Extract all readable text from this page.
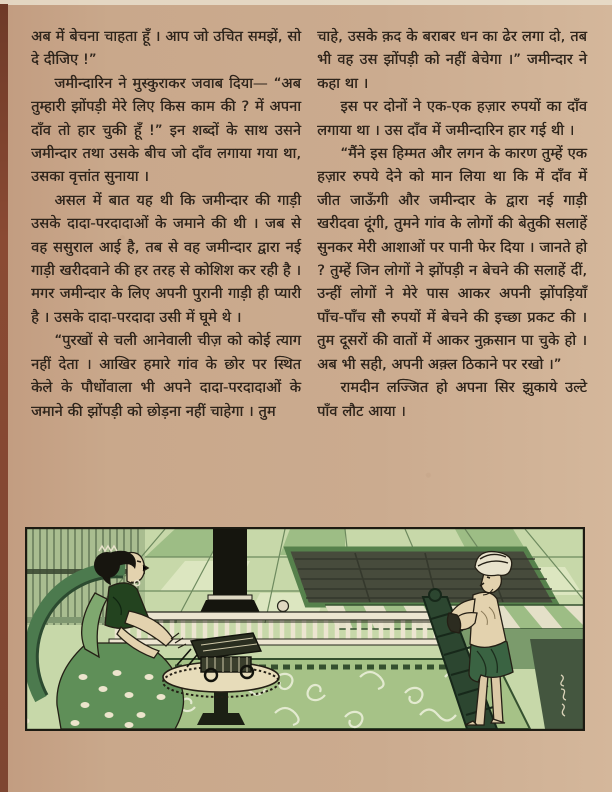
अब में बेचना चाहता हूँ । आप जो उचित समझें, सो दे दीजिए !”

जमीन्दारिन ने मुस्कुराकर जवाब दिया— “अब तुम्हारी झोंपड़ी मेरे लिए किस काम की ? में अपना दाँव तो हार चुकी हूँ !” इन शब्दों के साथ उसने जमीन्दार तथा उसके बीच जो दाँव लगाया गया था, उसका वृत्तांत सुनाया ।

असल में बात यह थी कि जमीन्दार की गाड़ी उसके दादा-परदादाओं के जमाने की थी । जब से वह ससुराल आई है, तब से वह जमीन्दार द्वारा नई गाड़ी खरीदवाने की हर तरह से कोशिश कर रही है । मगर जमीन्दार के लिए अपनी पुरानी गाड़ी ही प्यारी है । उसके दादा-परदादा उसी में घूमे थे ।

“पुरखों से चली आनेवाली चीज़ को कोई त्याग नहीं देता । आखिर हमारे गांव के छोर पर स्थित केले के पौधोंवाला भी अपने दादा-परदादाओं के जमाने की झोंपड़ी को छोड़ना नहीं चाहेगा । तुम

चाहे, उसके क़द के बराबर धन का ढेर लगा दो, तब भी वह उस झोंपड़ी को नहीं बेचेगा ।” जमीन्दार ने कहा था ।

इस पर दोनों ने एक-एक हज़ार रुपयों का दाँव लगाया था । उस दाँव में जमीन्दारिन हार गई थी ।

“मैंने इस हिम्मत और लगन के कारण तुम्हें एक हज़ार रुपये देने को मान लिया था कि में दाँव में जीत जाऊँगी और जमीन्दार के द्वारा नई गाड़ी खरीदवा दूंगी, तुमने गांव के लोगों की बेतुकी सलाहें सुनकर मेरी आशाओं पर पानी फेर दिया । जानते हो ? तुम्हें जिन लोगों ने झोंपड़ी न बेचने की सलाहें दीं, उन्हीं लोगों ने मेरे पास आकर अपनी झोंपड़ियाँ पाँच-पाँच सौ रुपयों में बेचने की इच्छा प्रकट की । तुम दूसरों की वातों में आकर नुक़सान पा चुके हो । अब भी सही, अपनी अक़्ल ठिकाने पर रखो ।”

रामदीन लज्जित हो अपना सिर झुकाये उल्टे पाँव लौट आया ।
